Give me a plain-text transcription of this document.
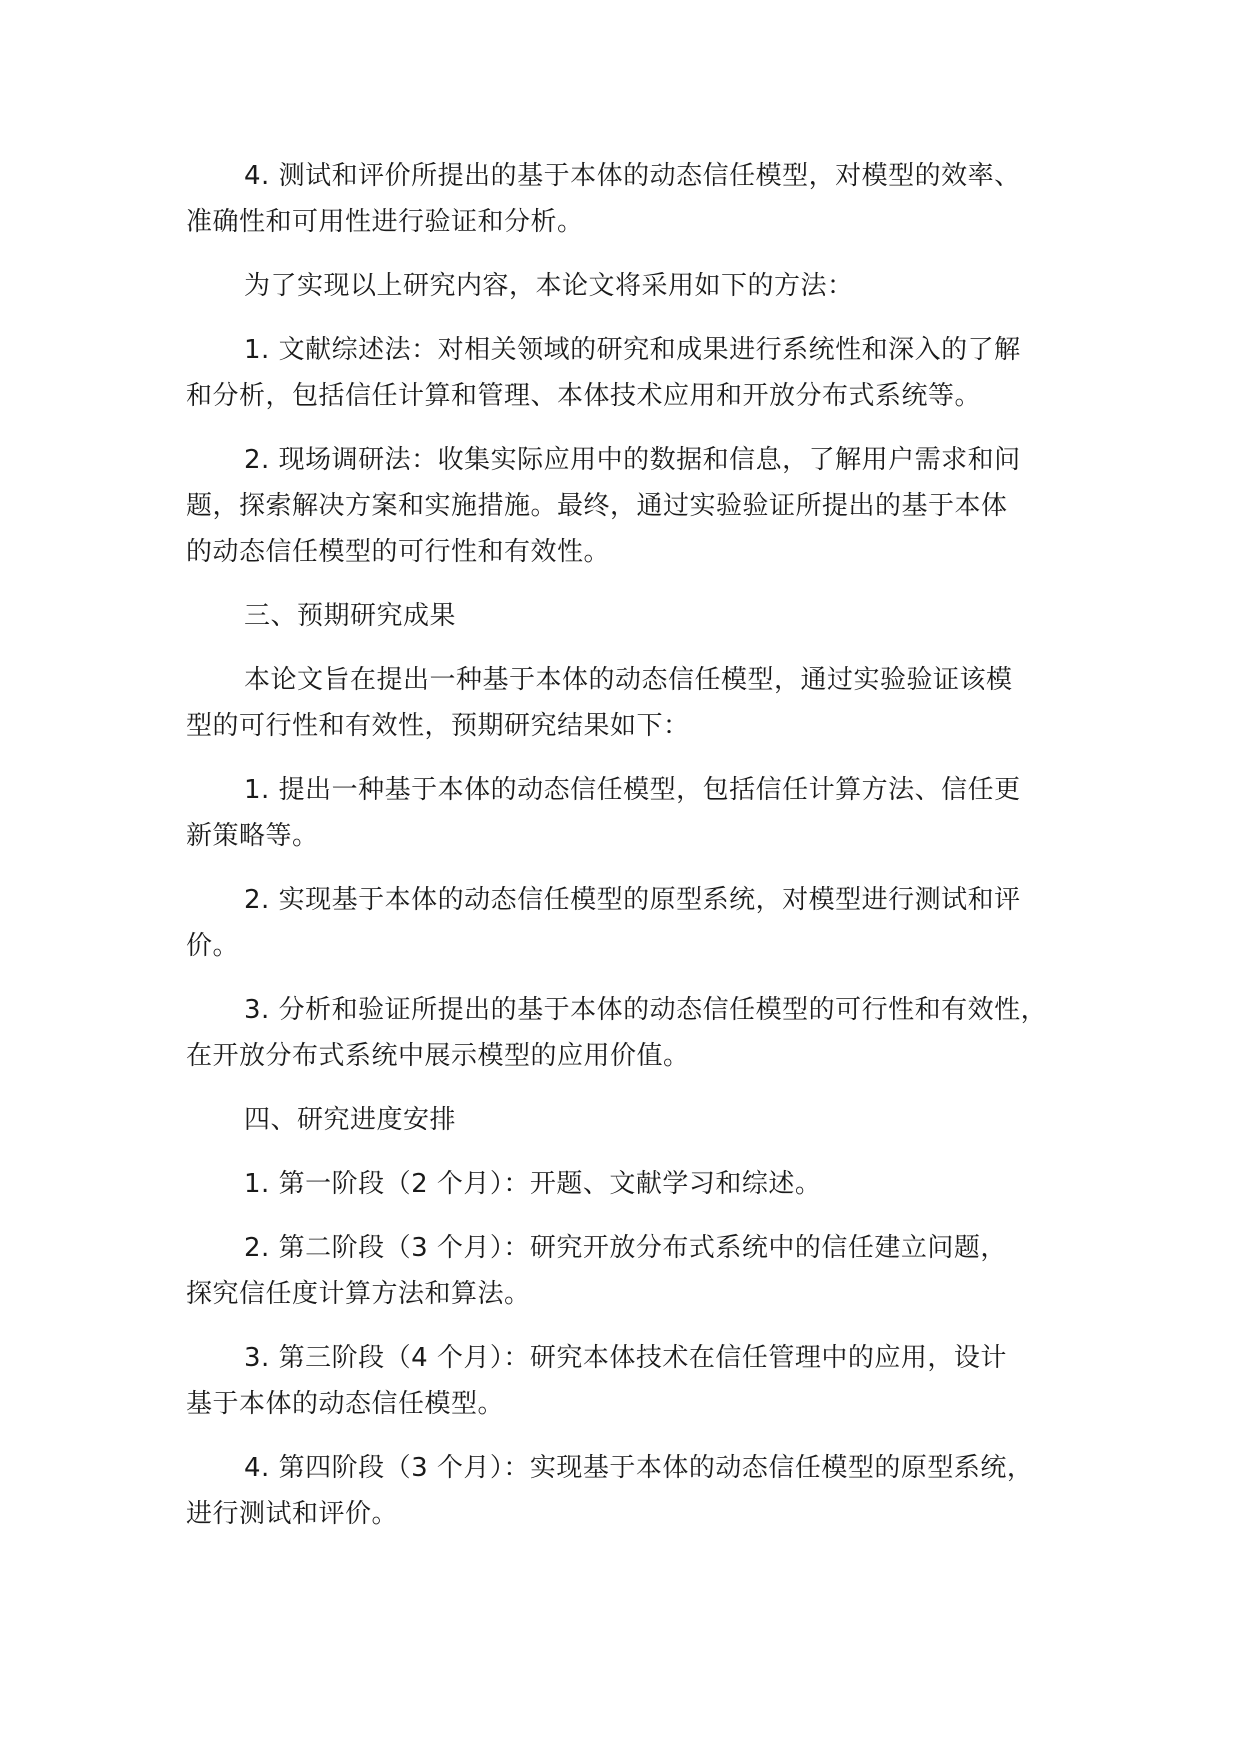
4. 测试和评价所提出的基于本体的动态信任模型，对模型的效率、
准确性和可用性进行验证和分析。
为了实现以上研究内容，本论文将采用如下的方法：
1. 文献综述法：对相关领域的研究和成果进行系统性和深入的了解
和分析，包括信任计算和管理、本体技术应用和开放分布式系统等。
2. 现场调研法：收集实际应用中的数据和信息，了解用户需求和问
题，探索解决方案和实施措施。最终，通过实验验证所提出的基于本体
的动态信任模型的可行性和有效性。
三、预期研究成果
本论文旨在提出一种基于本体的动态信任模型，通过实验验证该模
型的可行性和有效性，预期研究结果如下：
1. 提出一种基于本体的动态信任模型，包括信任计算方法、信任更
新策略等。
2. 实现基于本体的动态信任模型的原型系统，对模型进行测试和评
价。
3. 分析和验证所提出的基于本体的动态信任模型的可行性和有效性，
在开放分布式系统中展示模型的应用价值。
四、研究进度安排
1. 第一阶段（2 个月）：开题、文献学习和综述。
2. 第二阶段（3 个月）：研究开放分布式系统中的信任建立问题，
探究信任度计算方法和算法。
3. 第三阶段（4 个月）：研究本体技术在信任管理中的应用，设计
基于本体的动态信任模型。
4. 第四阶段（3 个月）：实现基于本体的动态信任模型的原型系统，
进行测试和评价。
